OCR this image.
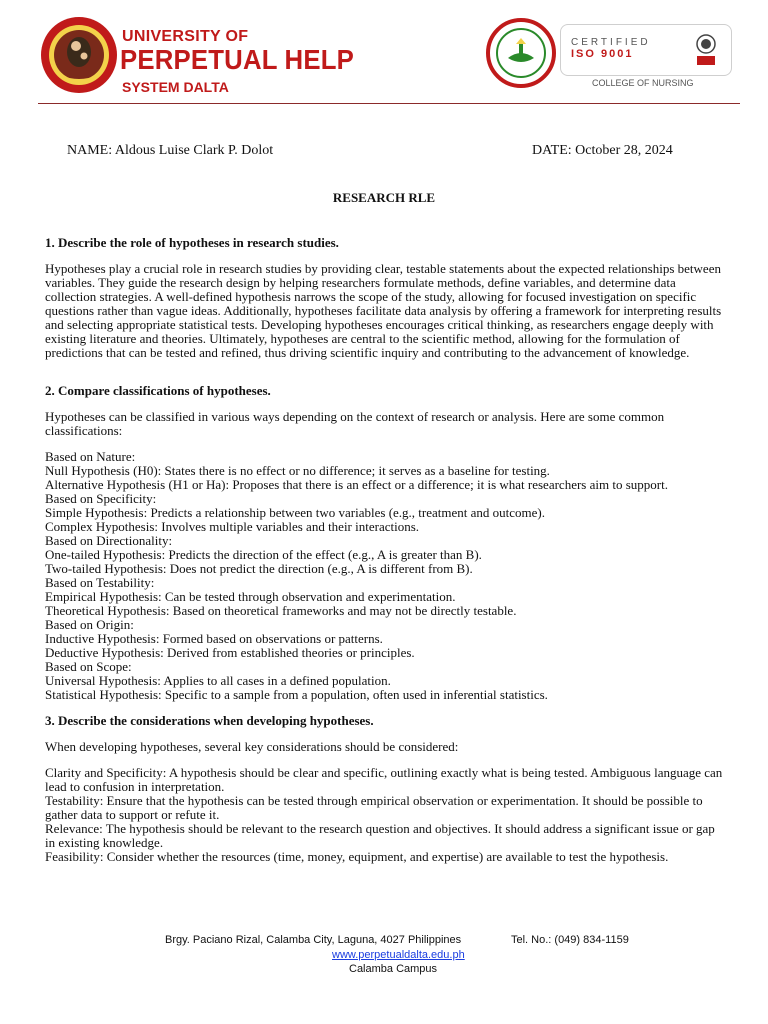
UNIVERSITY OF
PERPETUAL HELP
SYSTEM DALTA
CERTIFIED
ISO 9001
COLLEGE OF NURSING
NAME: Aldous Luise Clark P. Dolot	DATE: October 28, 2024
RESEARCH RLE
1. Describe the role of hypotheses in research studies.
Hypotheses play a crucial role in research studies by providing clear, testable statements about the expected relationships between variables. They guide the research design by helping researchers formulate methods, define variables, and determine data collection strategies. A well-defined hypothesis narrows the scope of the study, allowing for focused investigation on specific questions rather than vague ideas. Additionally, hypotheses facilitate data analysis by offering a framework for interpreting results and selecting appropriate statistical tests. Developing hypotheses encourages critical thinking, as researchers engage deeply with existing literature and theories. Ultimately, hypotheses are central to the scientific method, allowing for the formulation of predictions that can be tested and refined, thus driving scientific inquiry and contributing to the advancement of knowledge.
2. Compare classifications of hypotheses.
Hypotheses can be classified in various ways depending on the context of research or analysis. Here are some common classifications:
Based on Nature:
Null Hypothesis (H0): States there is no effect or no difference; it serves as a baseline for testing.
Alternative Hypothesis (H1 or Ha): Proposes that there is an effect or a difference; it is what researchers aim to support.
Based on Specificity:
Simple Hypothesis: Predicts a relationship between two variables (e.g., treatment and outcome).
Complex Hypothesis: Involves multiple variables and their interactions.
Based on Directionality:
One-tailed Hypothesis: Predicts the direction of the effect (e.g., A is greater than B).
Two-tailed Hypothesis: Does not predict the direction (e.g., A is different from B).
Based on Testability:
Empirical Hypothesis: Can be tested through observation and experimentation.
Theoretical Hypothesis: Based on theoretical frameworks and may not be directly testable.
Based on Origin:
Inductive Hypothesis: Formed based on observations or patterns.
Deductive Hypothesis: Derived from established theories or principles.
Based on Scope:
Universal Hypothesis: Applies to all cases in a defined population.
Statistical Hypothesis: Specific to a sample from a population, often used in inferential statistics.
3. Describe the considerations when developing hypotheses.
When developing hypotheses, several key considerations should be considered:
Clarity and Specificity: A hypothesis should be clear and specific, outlining exactly what is being tested. Ambiguous language can lead to confusion in interpretation.
Testability: Ensure that the hypothesis can be tested through empirical observation or experimentation. It should be possible to gather data to support or refute it.
Relevance: The hypothesis should be relevant to the research question and objectives. It should address a significant issue or gap in existing knowledge.
Feasibility: Consider whether the resources (time, money, equipment, and expertise) are available to test the hypothesis.
Brgy. Paciano Rizal, Calamba City, Laguna, 4027 Philippines	Tel. No.: (049) 834-1159
www.perpetualdalta.edu.ph
Calamba Campus
